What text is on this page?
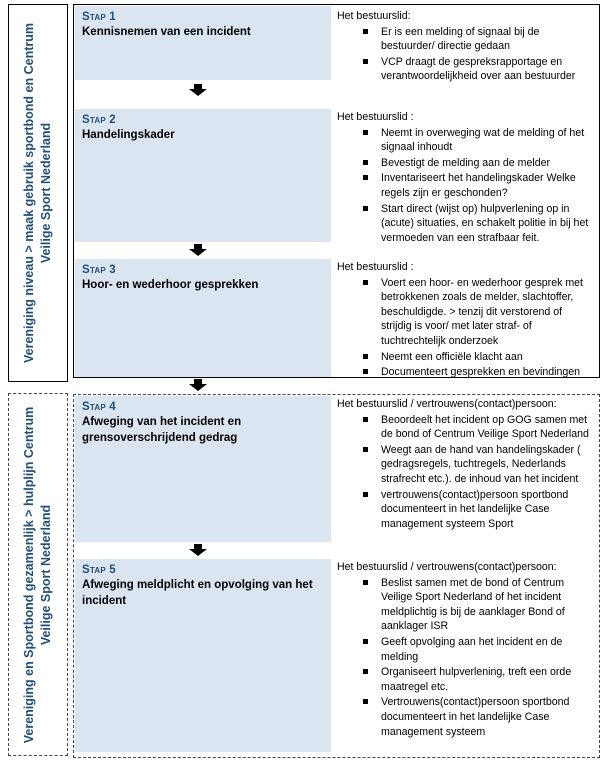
Vereniging niveau > maak gebruik sportbond en Centrum Veilige Sport Nederland
Vereniging en Sportbond gezamenlijk > hulplijn Centrum Veilige Sport Nederland
Stap 1
Kennisnemen van een incident
Het bestuurslid:
Er is een melding of signaal bij de bestuurder/ directie gedaan
VCP draagt de gespreksrapportage en verantwoordelijkheid over aan bestuurder
Stap 2
Handelingskader
Het bestuurslid :
Neemt in overweging wat de melding of het signaal inhoudt
Bevestigt de melding aan de melder
Inventariseert het handelingskader Welke regels zijn er geschonden?
Start direct (wijst op) hulpverlening op in (acute) situaties, en schakelt politie in bij het vermoeden van een strafbaar feit.
Stap 3
Hoor- en wederhoor gesprekken
Het bestuurslid :
Voert een hoor- en wederhoor gesprek met betrokkenen zoals de melder, slachtoffer, beschuldigde. > tenzij dit verstorend of strijdig is voor/ met later straf- of tuchtrechtelijk onderzoek
Neemt een officiële klacht aan
Documenteert gesprekken en bevindingen
Stap 4
Afweging van het incident en grensoverschrijdend gedrag
Het bestuurslid / vertrouwens(contact)persoon:
Beoordeelt het incident op GOG samen met de bond of Centrum Veilige Sport Nederland
Weegt aan de hand van handelingskader ( gedragsregels, tuchtregels, Nederlands strafrecht etc.). de inhoud van het incident
vertrouwens(contact)persoon sportbond documenteert in het landelijke Case management systeem Sport
Stap 5
Afweging meldplicht en opvolging van het incident
Het bestuurslid / vertrouwens(contact)persoon:
Beslist samen met de bond of Centrum Veilige Sport Nederland of het incident meldplichtig is bij de aanklager Bond of aanklager ISR
Geeft opvolging aan het incident en de melding
Organiseert hulpverlening, treft een orde maatregel etc.
Vertrouwens(contact)persoon sportbond documenteert in het landelijke Case management systeem
